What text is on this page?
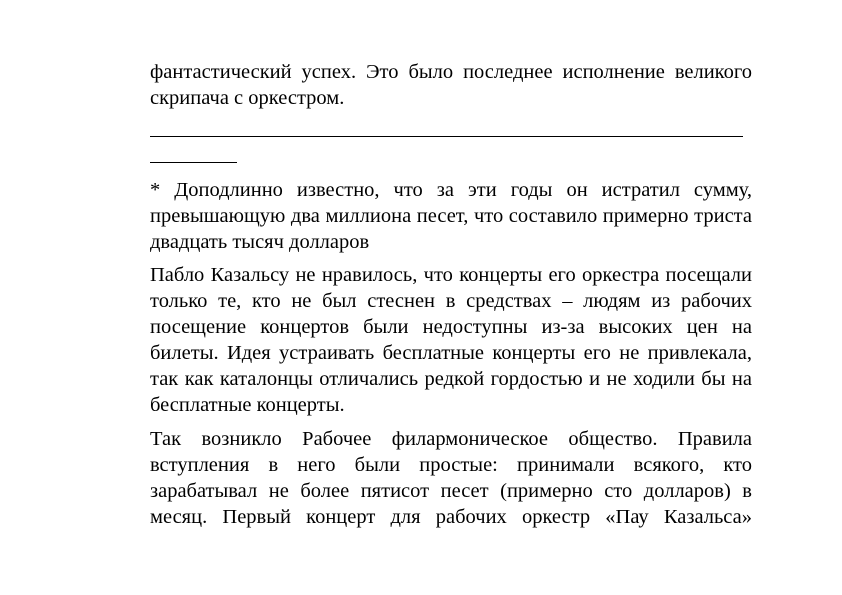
фантастический успех. Это было последнее исполнение великого скрипача с оркестром.

* Доподлинно известно, что за эти годы он истратил сумму, превышающую два миллиона песет, что составило примерно триста двадцать тысяч долларов

Пабло Казальсу не нравилось, что концерты его оркестра посещали только те, кто не был стеснен в средствах – людям из рабочих посещение концертов были недоступны из-за высоких цен на билеты. Идея устраивать бесплатные концерты его не привлекала, так как каталонцы отличались редкой гордостью и не ходили бы на бесплатные концерты.

Так возникло Рабочее филармоническое общество. Правила вступления в него были простые: принимали всякого, кто зарабатывал не более пятисот песет (примерно сто долларов) в месяц. Первый концерт для рабочих оркестр «Пау Казальса»
